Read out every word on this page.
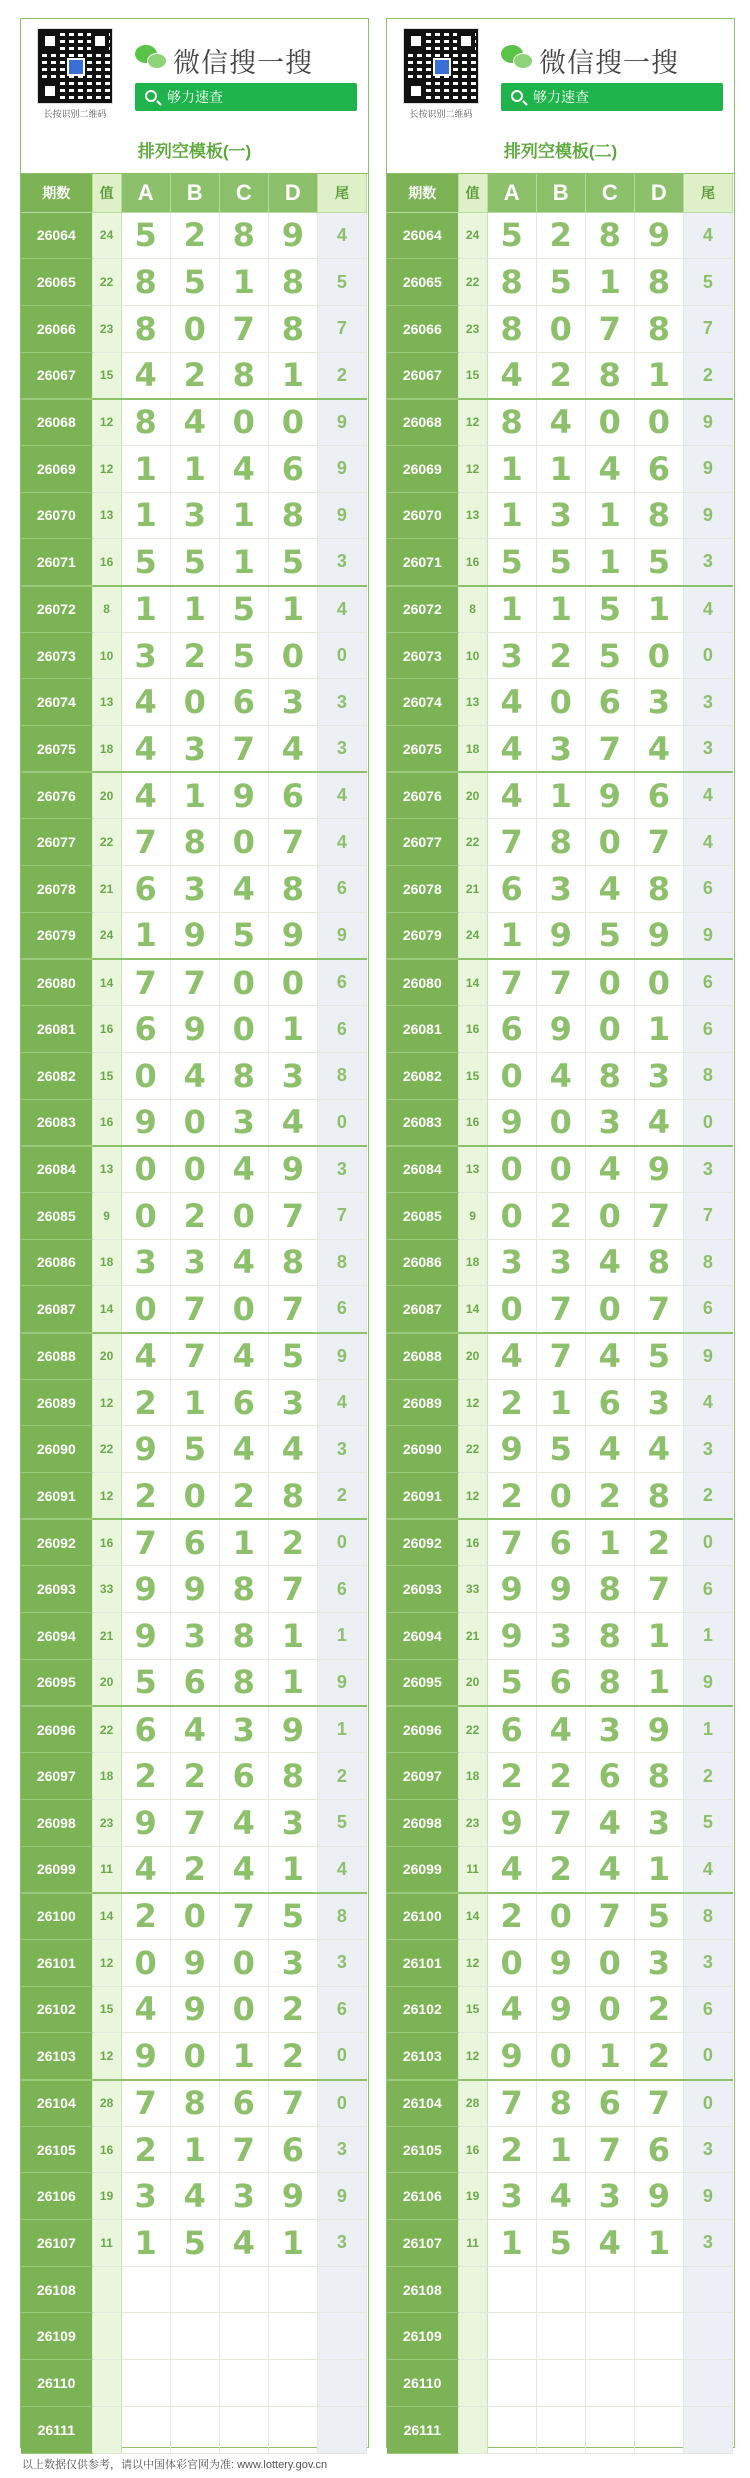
长按识别二维码
微信搜一搜
够力速查
排列空模板(一)
期数	值	A	B	C	D	尾
26064	24	5	2	8	9	4
26065	22	8	5	1	8	5
26066	23	8	0	7	8	7
26067	15	4	2	8	1	2
26068	12	8	4	0	0	9
26069	12	1	1	4	6	9
26070	13	1	3	1	8	9
26071	16	5	5	1	5	3
26072	8	1	1	5	1	4
26073	10	3	2	5	0	0
26074	13	4	0	6	3	3
26075	18	4	3	7	4	3
26076	20	4	1	9	6	4
26077	22	7	8	0	7	4
26078	21	6	3	4	8	6
26079	24	1	9	5	9	9
26080	14	7	7	0	0	6
26081	16	6	9	0	1	6
26082	15	0	4	8	3	8
26083	16	9	0	3	4	0
26084	13	0	0	4	9	3
26085	9	0	2	0	7	7
26086	18	3	3	4	8	8
26087	14	0	7	0	7	6
26088	20	4	7	4	5	9
26089	12	2	1	6	3	4
26090	22	9	5	4	4	3
26091	12	2	0	2	8	2
26092	16	7	6	1	2	0
26093	33	9	9	8	7	6
26094	21	9	3	8	1	1
26095	20	5	6	8	1	9
26096	22	6	4	3	9	1
26097	18	2	2	6	8	2
26098	23	9	7	4	3	5
26099	11	4	2	4	1	4
26100	14	2	0	7	5	8
26101	12	0	9	0	3	3
26102	15	4	9	0	2	6
26103	12	9	0	1	2	0
26104	28	7	8	6	7	0
26105	16	2	1	7	6	3
26106	19	3	4	3	9	9
26107	11	1	5	4	1	3
26108						
26109						
26110						
26111						
长按识别二维码
微信搜一搜
够力速查
排列空模板(二)
期数	值	A	B	C	D	尾
26064	24	5	2	8	9	4
26065	22	8	5	1	8	5
26066	23	8	0	7	8	7
26067	15	4	2	8	1	2
26068	12	8	4	0	0	9
26069	12	1	1	4	6	9
26070	13	1	3	1	8	9
26071	16	5	5	1	5	3
26072	8	1	1	5	1	4
26073	10	3	2	5	0	0
26074	13	4	0	6	3	3
26075	18	4	3	7	4	3
26076	20	4	1	9	6	4
26077	22	7	8	0	7	4
26078	21	6	3	4	8	6
26079	24	1	9	5	9	9
26080	14	7	7	0	0	6
26081	16	6	9	0	1	6
26082	15	0	4	8	3	8
26083	16	9	0	3	4	0
26084	13	0	0	4	9	3
26085	9	0	2	0	7	7
26086	18	3	3	4	8	8
26087	14	0	7	0	7	6
26088	20	4	7	4	5	9
26089	12	2	1	6	3	4
26090	22	9	5	4	4	3
26091	12	2	0	2	8	2
26092	16	7	6	1	2	0
26093	33	9	9	8	7	6
26094	21	9	3	8	1	1
26095	20	5	6	8	1	9
26096	22	6	4	3	9	1
26097	18	2	2	6	8	2
26098	23	9	7	4	3	5
26099	11	4	2	4	1	4
26100	14	2	0	7	5	8
26101	12	0	9	0	3	3
26102	15	4	9	0	2	6
26103	12	9	0	1	2	0
26104	28	7	8	6	7	0
26105	16	2	1	7	6	3
26106	19	3	4	3	9	9
26107	11	1	5	4	1	3
26108						
26109						
26110						
26111						
以上数据仅供参考，请以中国体彩官网为准: www.lottery.gov.cn
